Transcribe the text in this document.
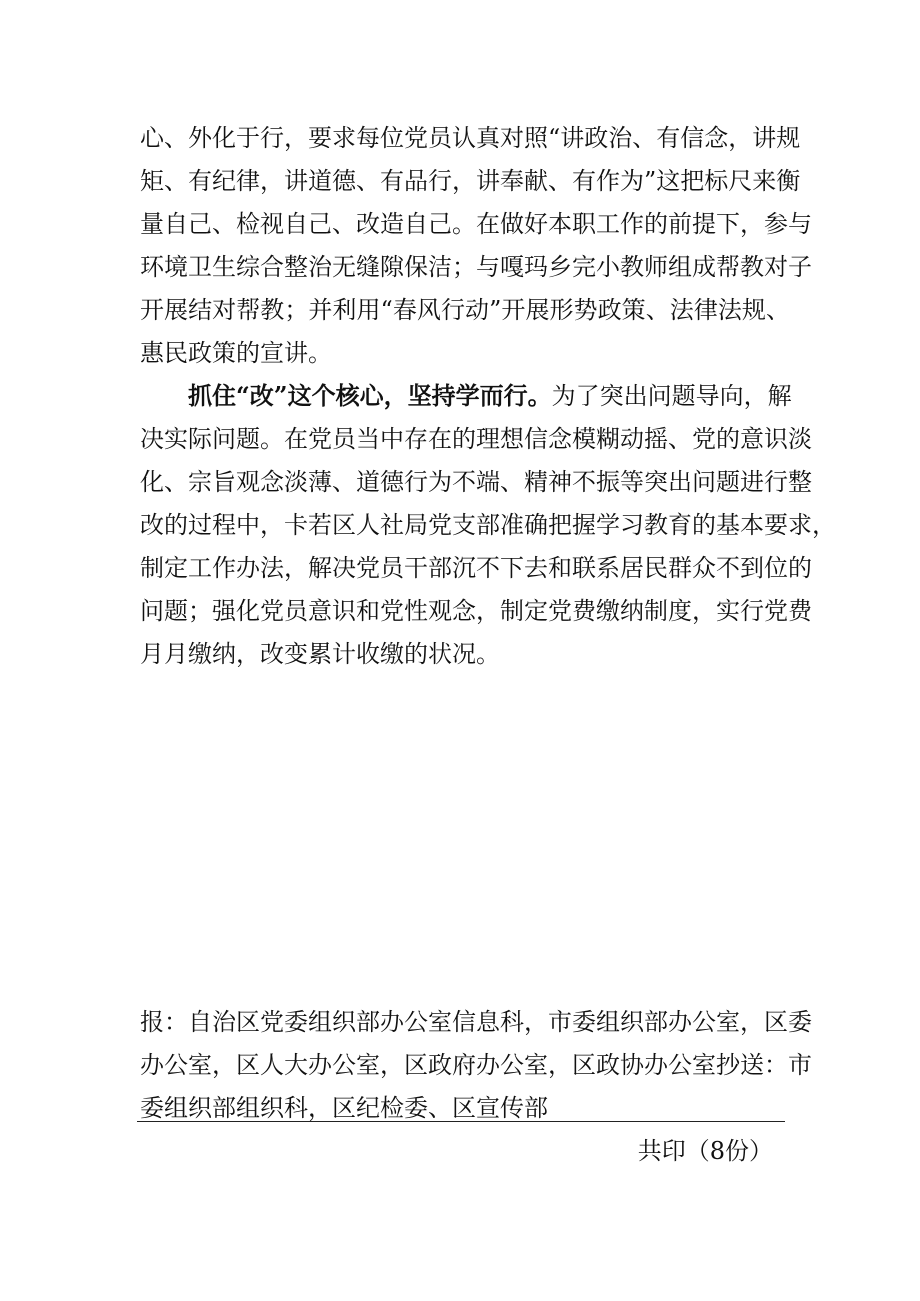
心、外化于行，要求每位党员认真对照“讲政治、有信念，讲规
矩、有纪律，讲道德、有品行，讲奉献、有作为”这把标尺来衡
量自己、检视自己、改造自己。在做好本职工作的前提下，参与
环境卫生综合整治无缝隙保洁；与嘎玛乡完小教师组成帮教对子
开展结对帮教；并利用“春风行动”开展形势政策、法律法规、
惠民政策的宣讲。
抓住“改”这个核心，坚持学而行。为了突出问题导向，解
决实际问题。在党员当中存在的理想信念模糊动摇、党的意识淡
化、宗旨观念淡薄、道德行为不端、精神不振等突出问题进行整
改的过程中，卡若区人社局党支部准确把握学习教育的基本要求，
制定工作办法，解决党员干部沉不下去和联系居民群众不到位的
问题；强化党员意识和党性观念，制定党费缴纳制度，实行党费
月月缴纳，改变累计收缴的状况。
报：自治区党委组织部办公室信息科，市委组织部办公室，区委
办公室，区人大办公室，区政府办公室，区政协办公室抄送：市
委组织部组织科，区纪检委、区宣传部
共印（8份）
